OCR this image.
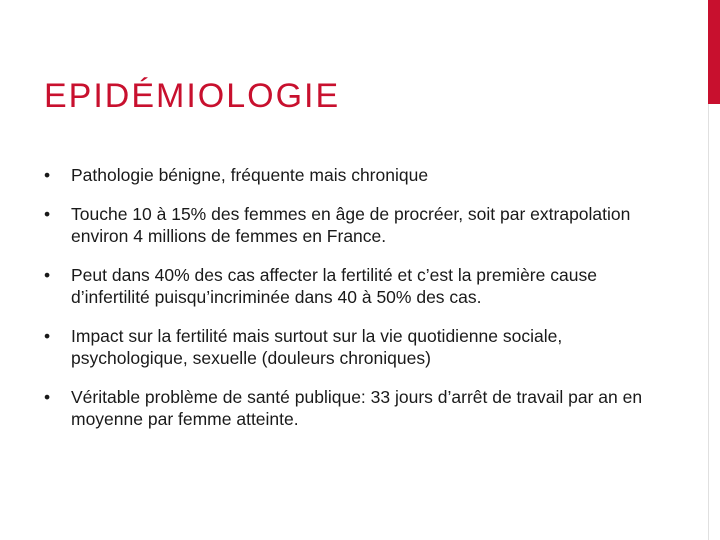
EPIDÉMIOLOGIE
•	Pathologie bénigne, fréquente mais chronique
•	Touche 10 à 15% des femmes en âge de procréer, soit par extrapolation environ 4 millions de femmes en France.
•	Peut dans 40% des cas affecter la fertilité et c’est la première cause d’infertilité puisqu’incriminée dans 40 à 50% des cas.
•	Impact sur la fertilité mais surtout sur la vie quotidienne sociale, psychologique, sexuelle (douleurs chroniques)
•	Véritable problème de santé publique: 33 jours d’arrêt de travail par an en moyenne par femme atteinte.
